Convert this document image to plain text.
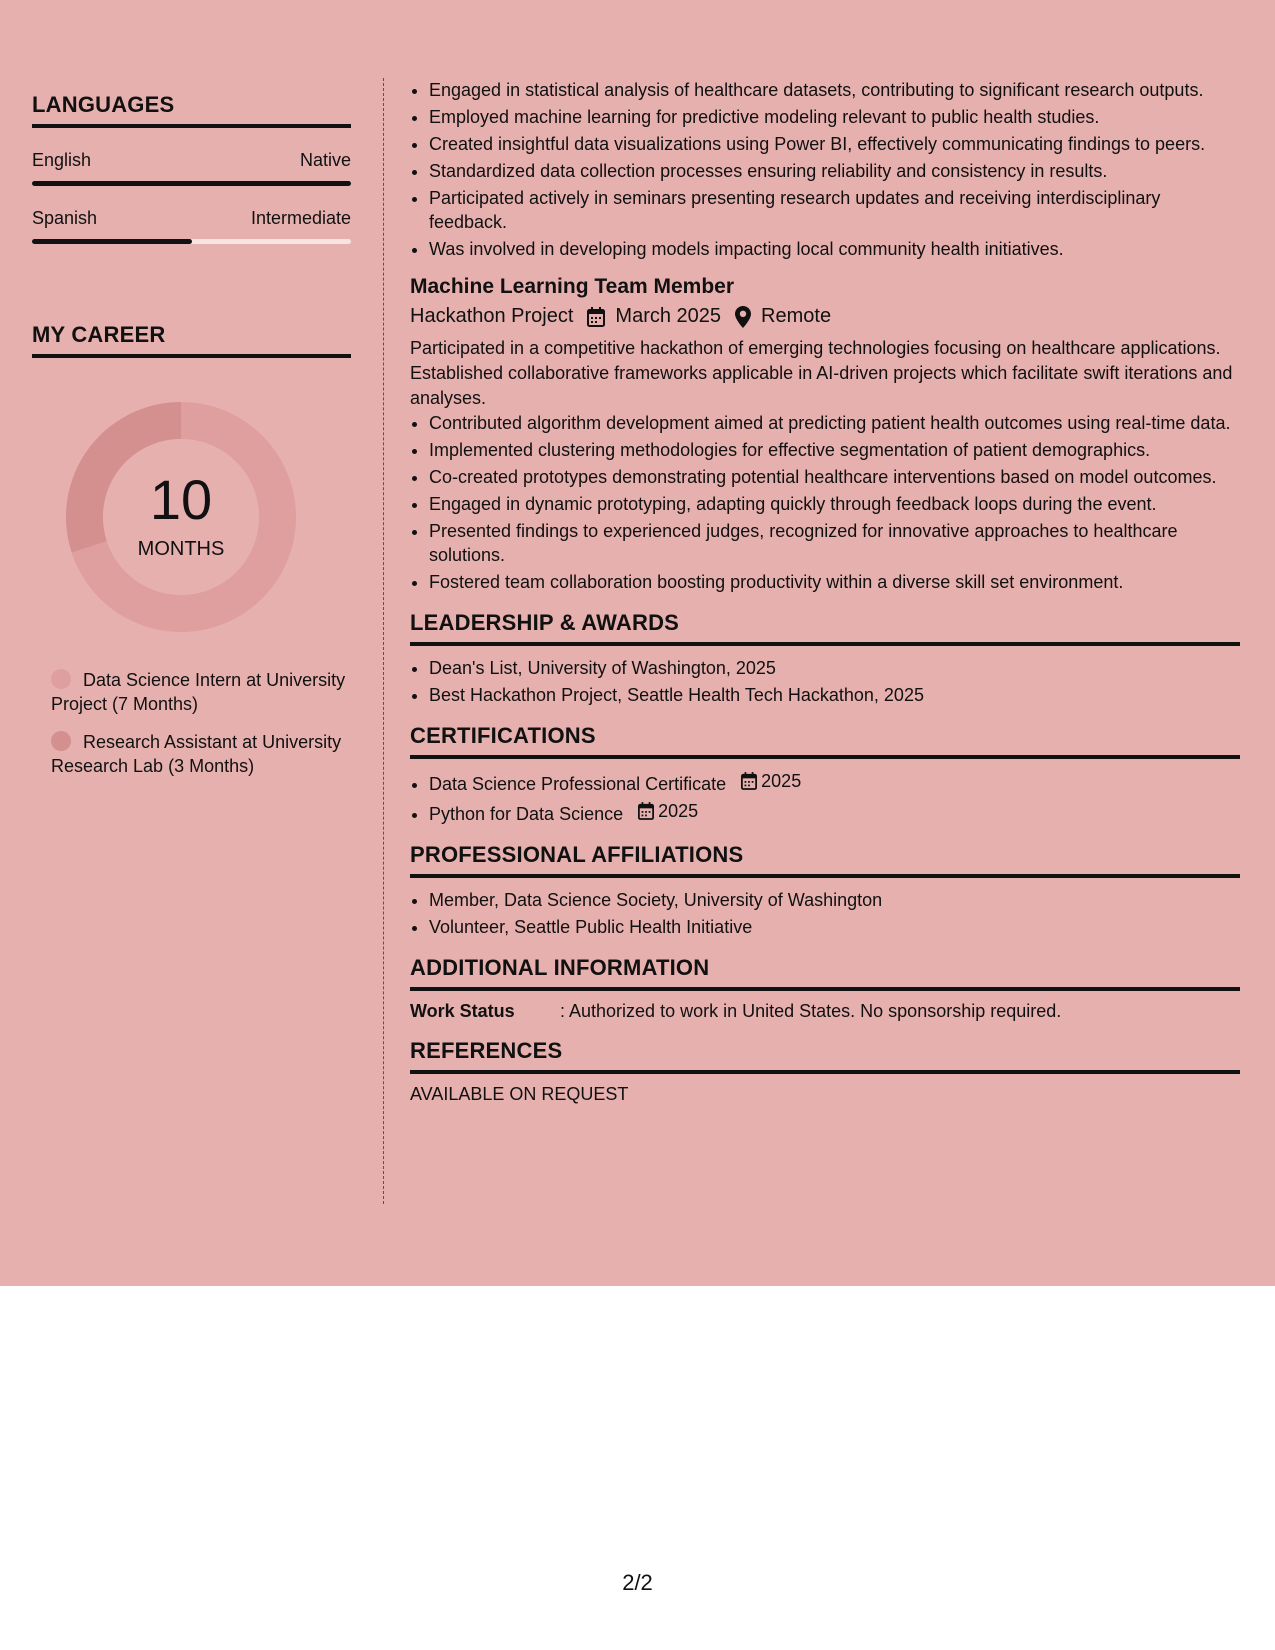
LANGUAGES
English	Native
Spanish	Intermediate
MY CAREER
10
MONTHS
Data Science Intern at University Project (7 Months)
Research Assistant at University Research Lab (3 Months)
• Engaged in statistical analysis of healthcare datasets, contributing to significant research outputs.
• Employed machine learning for predictive modeling relevant to public health studies.
• Created insightful data visualizations using Power BI, effectively communicating findings to peers.
• Standardized data collection processes ensuring reliability and consistency in results.
• Participated actively in seminars presenting research updates and receiving interdisciplinary feedback.
• Was involved in developing models impacting local community health initiatives.
Machine Learning Team Member
Hackathon Project March 2025 Remote
Participated in a competitive hackathon of emerging technologies focusing on healthcare applications. Established collaborative frameworks applicable in AI-driven projects which facilitate swift iterations and analyses.
• Contributed algorithm development aimed at predicting patient health outcomes using real-time data.
• Implemented clustering methodologies for effective segmentation of patient demographics.
• Co-created prototypes demonstrating potential healthcare interventions based on model outcomes.
• Engaged in dynamic prototyping, adapting quickly through feedback loops during the event.
• Presented findings to experienced judges, recognized for innovative approaches to healthcare solutions.
• Fostered team collaboration boosting productivity within a diverse skill set environment.
LEADERSHIP & AWARDS
• Dean's List, University of Washington, 2025
• Best Hackathon Project, Seattle Health Tech Hackathon, 2025
CERTIFICATIONS
• Data Science Professional Certificate 2025
• Python for Data Science 2025
PROFESSIONAL AFFILIATIONS
• Member, Data Science Society, University of Washington
• Volunteer, Seattle Public Health Initiative
ADDITIONAL INFORMATION
Work Status	: Authorized to work in United States. No sponsorship required.
REFERENCES
AVAILABLE ON REQUEST
2/2
